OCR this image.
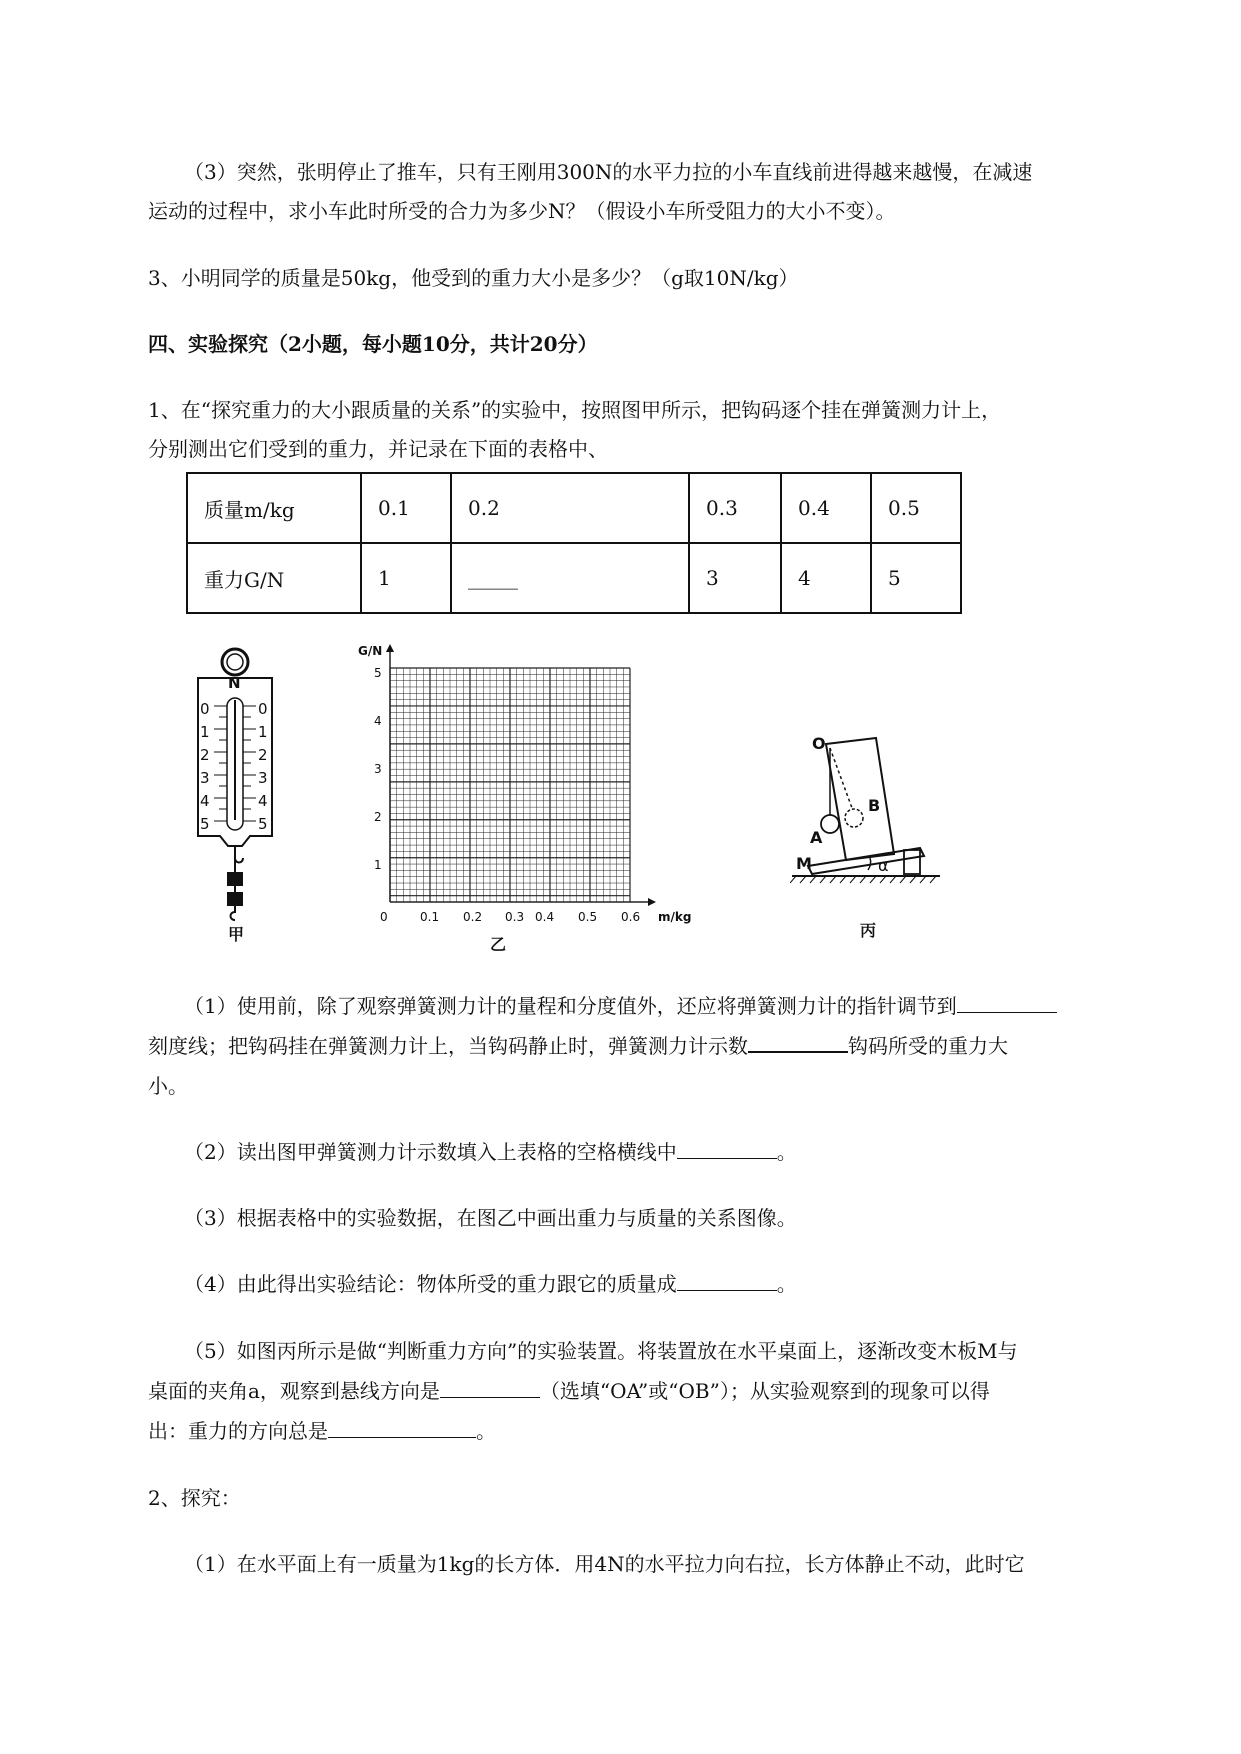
（3）突然，张明停止了推车，只有王刚用300N的水平力拉的小车直线前进得越来越慢，在减速

运动的过程中，求小车此时所受的合力为多少N？（假设小车所受阻力的大小不变）。

3、小明同学的质量是50kg，他受到的重力大小是多少？（g取10N/kg）

四、实验探究（2小题，每小题10分，共计20分）

1、在“探究重力的大小跟质量的关系”的实验中，按照图甲所示，把钩码逐个挂在弹簧测力计上，

分别测出它们受到的重力，并记录在下面的表格中、

质量m/kg	0.1	0.2	0.3	0.4	0.5
重力G/N	1	_____	3	4	5
N
0
1
2
3
4
5
0
1
2
3
4
5
甲
G/N
m/kg
1
2
3
4
5
0	0.1 0.2 0.3 0.4 0.5 0.6
乙
O
A
B
M	α
丙

（1）使用前，除了观察弹簧测力计的量程和分度值外，还应将弹簧测力计的指针调节到

刻度线；把钩码挂在弹簧测力计上，当钩码静止时，弹簧测力计示数	钩码所受的重力大

小。

（2）读出图甲弹簧测力计示数填入上表格的空格横线中	。

（3）根据表格中的实验数据，在图乙中画出重力与质量的关系图像。

（4）由此得出实验结论：物体所受的重力跟它的质量成	。

（5）如图丙所示是做“判断重力方向”的实验装置。将装置放在水平桌面上，逐渐改变木板M与

桌面的夹角a，观察到悬线方向是	（选填“OA”或“OB”）；从实验观察到的现象可以得

出：重力的方向总是	。

2、探究：

（1）在水平面上有一质量为1kg的长方体．用4N的水平拉力向右拉，长方体静止不动，此时它
